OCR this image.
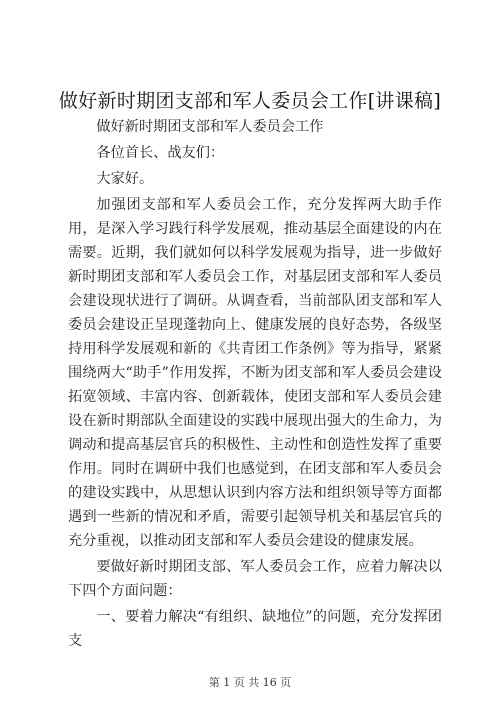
做好新时期团支部和军人委员会工作[讲课稿]

做好新时期团支部和军人委员会工作

各位首长、战友们：

大家好。

加强团支部和军人委员会工作，充分发挥两大助手作用，是深入学习践行科学发展观，推动基层全面建设的内在需要。近期，我们就如何以科学发展观为指导，进一步做好新时期团支部和军人委员会工作，对基层团支部和军人委员会建设现状进行了调研。从调查看，当前部队团支部和军人委员会建设正呈现蓬勃向上、健康发展的良好态势，各级坚持用科学发展观和新的《共青团工作条例》等为指导，紧紧围绕两大“助手”作用发挥，不断为团支部和军人委员会建设拓宽领域、丰富内容、创新载体，使团支部和军人委员会建设在新时期部队全面建设的实践中展现出强大的生命力，为调动和提高基层官兵的积极性、主动性和创造性发挥了重要作用。同时在调研中我们也感觉到，在团支部和军人委员会的建设实践中，从思想认识到内容方法和组织领导等方面都遇到一些新的情况和矛盾，需要引起领导机关和基层官兵的充分重视，以推动团支部和军人委员会建设的健康发展。

要做好新时期团支部、军人委员会工作，应着力解决以下四个方面问题：

一、要着力解决“有组织、缺地位”的问题，充分发挥团支

第 1 页 共 16 页
